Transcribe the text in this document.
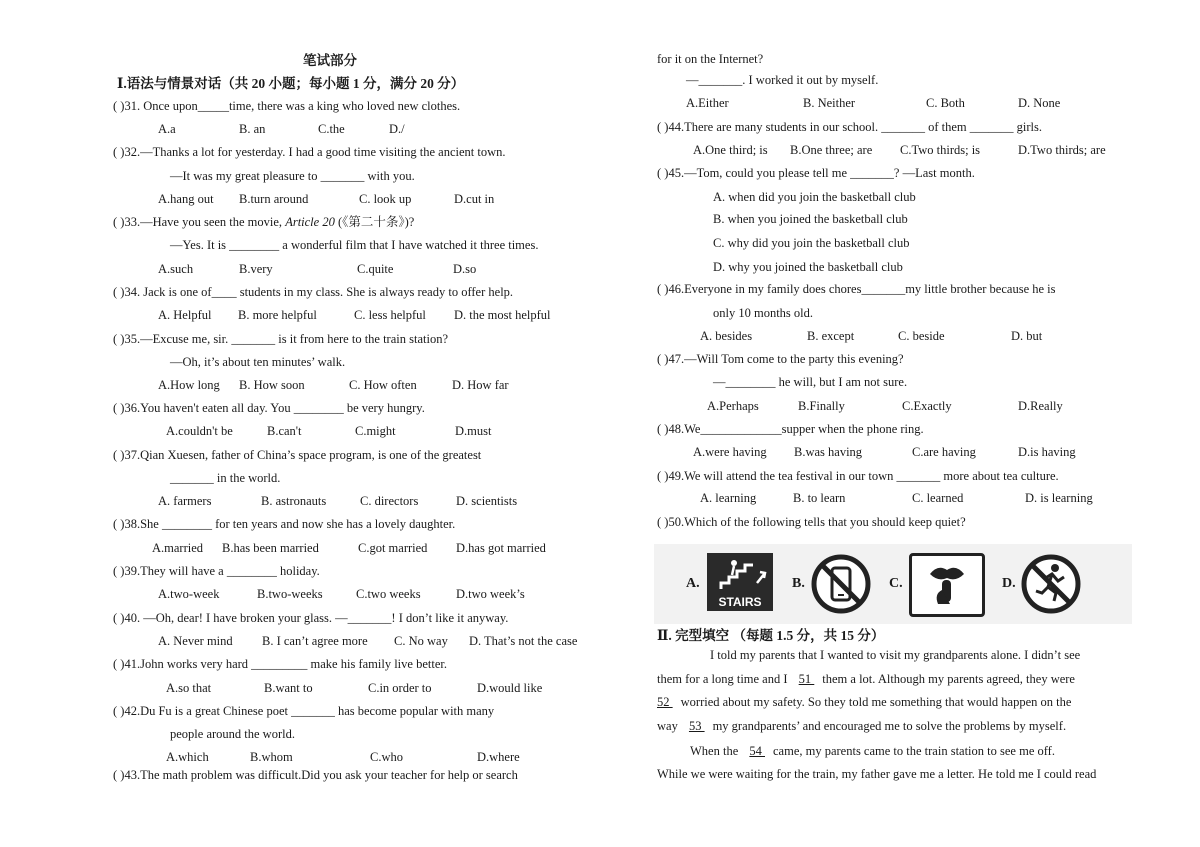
笔试部分
Ⅰ.语法与情景对话（共 20 小题；每小题 1 分，满分 20 分）
( )31. Once upon_____time, there was a king who loved new clothes.
A.a	B. an	C.the	D./
( )32.—Thanks a lot for yesterday. I had a good time visiting the ancient town.
—It was my great pleasure to _______ with you.
A.hang out B.turn around	C. look up	D.cut in
( )33.—Have you seen the movie, Article 20 (《第二十条》)?
—Yes. It is ________ a wonderful film that I have watched it three times.
A.such	B.very	C.quite	D.so
( )34. Jack is one of____ students in my class. She is always ready to offer help.
A. Helpful B. more helpful	C. less helpful D. the most helpful
( )35.—Excuse me, sir. _______ is it from here to the train station?
—Oh, it’s about ten minutes’ walk.
A.How long B. How soon	C. How often	D. How far
( )36.You haven't eaten all day. You ________ be very hungry.
A.couldn't be	B.can't	C.might	D.must
( )37.Qian Xuesen, father of China’s space program, is one of the greatest
_______ in the world.
A. farmers	B. astronauts	C. directors	D. scientists
( )38.She ________ for ten years and now she has a lovely daughter.
A.married B.has been married	C.got married D.has got married
( )39.They will have a ________ holiday.
A.two-week	B.two-weeks	C.two weeks	D.two week’s
( )40. —Oh, dear! I have broken your glass. —_______! I don’t like it anyway.
A. Never mind B. I can’t agree more C. No way D. That’s not the case
( )41.John works very hard _________ make his family live better.
A.so that	B.want to	C.in order to	D.would like
( )42.Du Fu is a great Chinese poet _______ has become popular with many
people around the world.
A.which	B.whom	C.who	D.where
( )43.The math problem was difficult.Did you ask your teacher for help or search
for it on the Internet?
—_______. I worked it out by myself.
A.Either	B. Neither	C. Both	D. None
( )44.There are many students in our school. _______ of them _______ girls.
A.One third; is B.One three; are C.Two thirds; is	D.Two thirds; are
( )45.—Tom, could you please tell me _______? —Last month.
A. when did you join the basketball club
B. when you joined the basketball club
C. why did you join the basketball club
D. why you joined the basketball club
( )46.Everyone in my family does chores_______my little brother because he is
only 10 months old.
A. besides	B. except	C. beside	D. but
( )47.—Will Tom come to the party this evening?
—________ he will, but I am not sure.
A.Perhaps	B.Finally	C.Exactly	D.Really
( )48.We_____________supper when the phone ring.
A.were having B.was having	C.are having	D.is having
( )49.We will attend the tea festival in our town _______ more about tea culture.
A. learning	B. to learn	C. learned	D. is learning
( )50.Which of the following tells that you should keep quiet?
A.
STAIRS
B.	C.	D.
Ⅱ. 完型填空 （每题 1.5 分，共 15 分）
I told my parents that I wanted to visit my grandparents alone. I didn’t see
them for a long time and I 51 them a lot. Although my parents agreed, they were
52 worried about my safety. So they told me something that would happen on the
way 53 my grandparents’ and encouraged me to solve the problems by myself.
When the 54 came, my parents came to the train station to see me off.
While we were waiting for the train, my father gave me a letter. He told me I could read
